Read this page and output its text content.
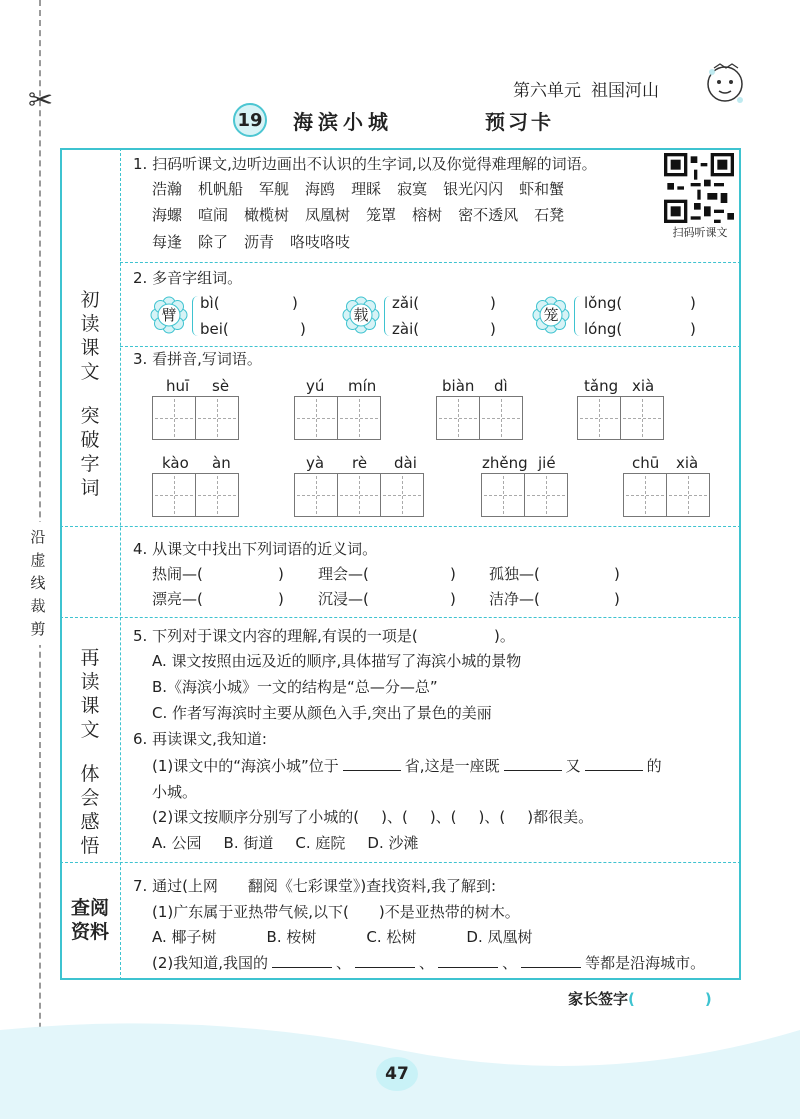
✂
沿
虚
线
裁
剪
第六单元 祖国河山
19 海滨小城	预习卡
初
读
课
文
突
破
字
词
再
读
课
文
体
会
感
悟
查阅
资料
1. 扫码听课文,边听边画出不认识的生字词,以及你觉得难理解的词语。
浩瀚 机帆船 军舰 海鸥 理睬 寂寞 银光闪闪 虾和蟹
海螺 喧闹 橄榄树 凤凰树 笼罩 榕树 密不透风 石凳
每逢 除了 沥青 咯吱咯吱
扫码听课文
2. 多音字组词。
臂
bì(	)
bei(	)
载
zǎi(	)
zài(	)
笼
lǒng(	)
lóng(	)
3. 看拼音,写词语。
huī sè	yú mín	biàn dì	tǎng xià
kào àn	yà rè dài	zhěng jié	chū xià
4. 从课文中找出下列词语的近义词。
热闹—(	) 理会—(	) 孤独—(	)
漂亮—(	) 沉浸—(	) 洁净—(	)
5. 下列对于课文内容的理解,有误的一项是(	)。
A. 课文按照由远及近的顺序,具体描写了海滨小城的景物
B.《海滨小城》一文的结构是“总—分—总”
C. 作者写海滨时主要从颜色入手,突出了景色的美丽
6. 再读课文,我知道:
(1)课文中的“海滨小城”位于	省,这是一座既	又	的
小城。
(2)课文按顺序分别写了小城的( )、( )、( )、( )都很美。
A. 公园 B. 街道 C. 庭院 D. 沙滩
7. 通过(上网　　翻阅《七彩课堂》)查找资料,我了解到:
(1)广东属于亚热带气候,以下( )不是亚热带的树木。
A. 椰子树	B. 桉树	C. 松树	D. 凤凰树
(2)我知道,我国的	、	、	、	等都是沿海城市。
家长签字(	)
47
